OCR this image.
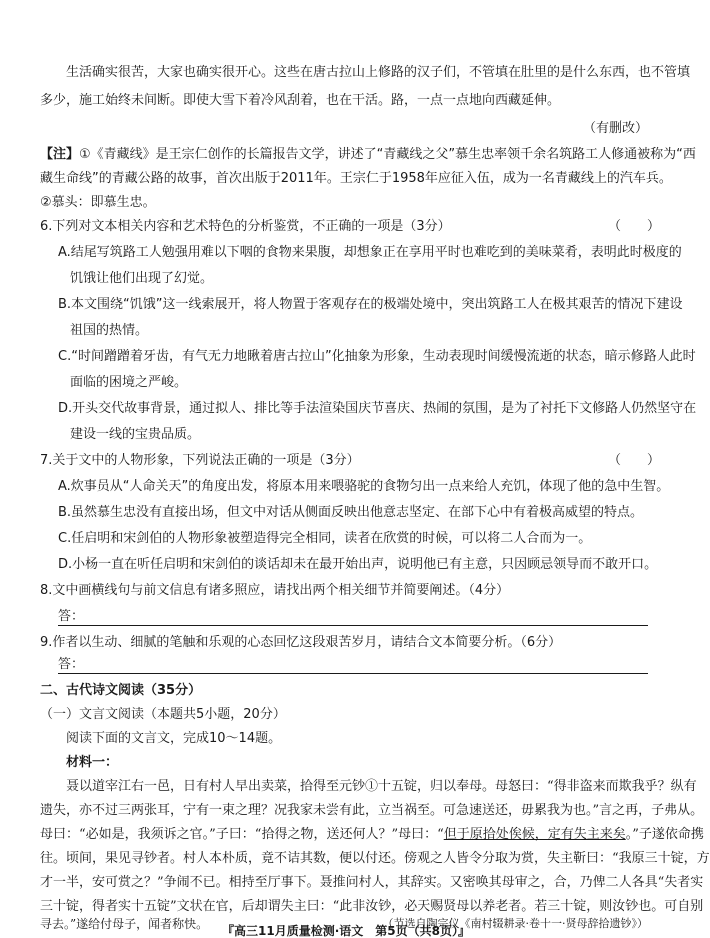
生活确实很苦，大家也确实很开心。这些在唐古拉山上修路的汉子们，不管填在肚里的是什么东西，也不管填
多少，施工始终未间断。即使大雪下着冷风刮着，也在干活。路，一点一点地向西藏延伸。
（有删改）
【注】①《青藏线》是王宗仁创作的长篇报告文学，讲述了“青藏线之父”慕生忠率领千余名筑路工人修通被称为“西
藏生命线”的青藏公路的故事，首次出版于2011年。王宗仁于1958年应征入伍，成为一名青藏线上的汽车兵。
②慕头：即慕生忠。
6.下列对文本相关内容和艺术特色的分析鉴赏，不正确的一项是（3分）	（　　）
A.结尾写筑路工人勉强用难以下咽的食物来果腹，却想象正在享用平时也难吃到的美味菜肴，表明此时极度的
饥饿让他们出现了幻觉。
B.本文围绕“饥饿”这一线索展开，将人物置于客观存在的极端处境中，突出筑路工人在极其艰苦的情况下建设
祖国的热情。
C.“时间蹭蹭着牙齿，有气无力地瞅着唐古拉山”化抽象为形象，生动表现时间缓慢流逝的状态，暗示修路人此时
面临的困境之严峻。
D.开头交代故事背景，通过拟人、排比等手法渲染国庆节喜庆、热闹的氛围，是为了衬托下文修路人仍然坚守在
建设一线的宝贵品质。
7.关于文中的人物形象，下列说法正确的一项是（3分）	（　　）
A.炊事员从“人命关天”的角度出发，将原本用来喂骆驼的食物匀出一点来给人充饥，体现了他的急中生智。
B.虽然慕生忠没有直接出场，但文中对话从侧面反映出他意志坚定、在部下心中有着极高威望的特点。
C.任启明和宋剑伯的人物形象被塑造得完全相同，读者在欣赏的时候，可以将二人合而为一。
D.小杨一直在听任启明和宋剑伯的谈话却未在最开始出声，说明他已有主意，只因顾忌领导而不敢开口。
8.文中画横线句与前文信息有诸多照应，请找出两个相关细节并简要阐述。（4分）
答：
9.作者以生动、细腻的笔触和乐观的心态回忆这段艰苦岁月，请结合文本简要分析。（6分）
答：
二、古代诗文阅读（35分）
（一）文言文阅读（本题共5小题，20分）
阅读下面的文言文，完成10～14题。
材料一：
聂以道宰江右一邑，日有村人早出卖菜，拾得至元钞①十五锭，归以奉母。母怒曰：“得非盗来而欺我乎？纵有
遗失，亦不过三两张耳，宁有一束之理？况我家未尝有此，立当祸至。可急速送还，毋累我为也。”言之再，子弗从。
母曰：“必如是，我须诉之官。”子曰：“拾得之物，送还何人？”母曰：“但于原拾处俟候，定有失主来矣。”子遂依命携
往。顷间，果见寻钞者。村人本朴质，竟不诘其数，便以付还。傍观之人皆令分取为赏，失主靳曰：“我原三十锭，方
才一半，安可赏之？”争闹不已。相持至厅事下。聂推问村人，其辞实。又密唤其母审之，合，乃俾二人各具“失者实
三十锭，得者实十五锭”文状在官，后却谓失主曰：“此非汝钞，必天赐贤母以养老者。若三十锭，则汝钞也。可自别
寻去。”遂给付母子，闻者称快。	（节选自陶宗仪《南村辍耕录·卷十一·贤母辞拾遗钞》）
『高三11月质量检测·语文　第5页（共8页）』
